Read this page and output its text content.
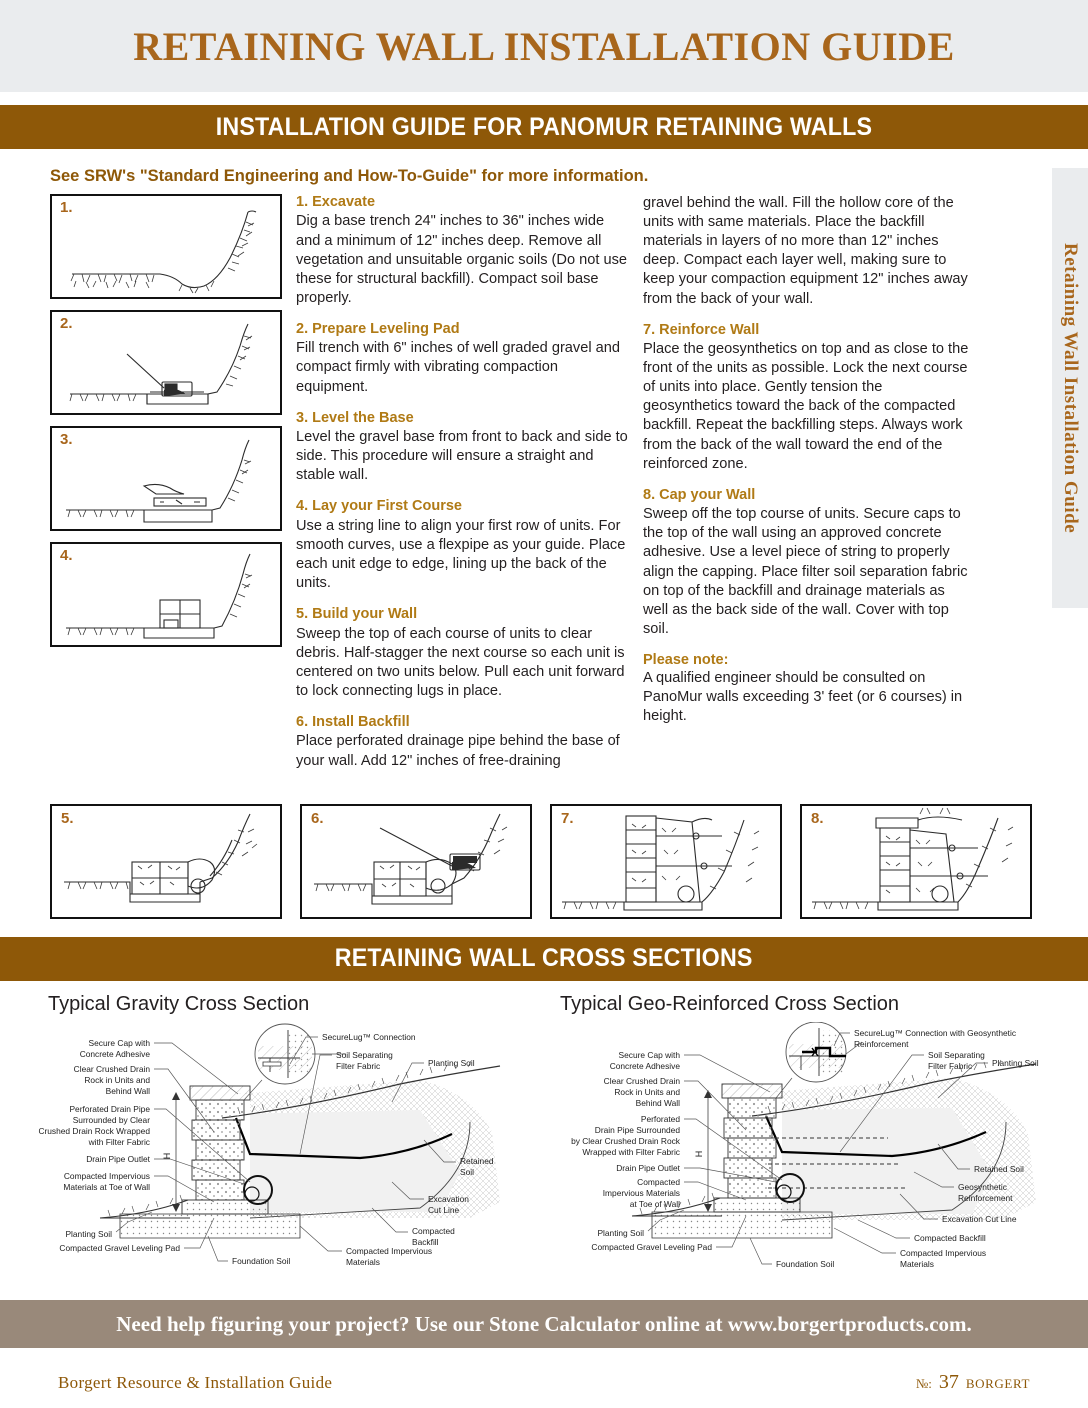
RETAINING WALL INSTALLATION GUIDE
INSTALLATION GUIDE FOR PANOMUR RETAINING WALLS
See SRW's "Standard Engineering and How-To-Guide" for more information.
Retaining Wall Installation Guide
1.
2.
3.
4.
1. Excavate
Dig a base trench 24" inches to 36" inches wide and a minimum of 12" inches deep. Remove all vegetation and unsuitable organic soils (Do not use these for structural backfill). Compact soil base properly.
2. Prepare Leveling Pad
Fill trench with 6" inches of well graded gravel and compact firmly with vibrating compaction equipment.
3. Level the Base
Level the gravel base from front to back and side to side. This procedure will ensure a straight and stable wall.
4. Lay your First Course
Use a string line to align your first row of units. For smooth curves, use a flexpipe as your guide. Place each unit edge to edge, lining up the back of the units.
5. Build your Wall
Sweep the top of each course of units to clear debris. Half-stagger the next course so each unit is centered on two units below. Pull each unit forward to lock connecting lugs in place.
6. Install Backfill
Place perforated drainage pipe behind the base of your wall. Add 12" inches of free-draining
gravel behind the wall. Fill the hollow core of the units with same materials. Place the backfill materials in layers of no more than 12" inches deep. Compact each layer well, making sure to keep your compaction equipment 12" inches away from the back of your wall.
7. Reinforce Wall
Place the geosynthetics on top and as close to the front of the units as possible. Lock the next course of units into place. Gently tension the geosynthetics toward the back of the compacted backfill. Repeat the backfilling steps. Always work from the back of the wall toward the end of the reinforced zone.
8. Cap your Wall
Sweep off the top course of units. Secure caps to the top of the wall using an approved concrete adhesive. Use a level piece of string to properly align the capping. Place filter soil separation fabric on top of the backfill and drainage materials as well as the back side of the wall. Cover with top soil.
Please note:
A qualified engineer should be consulted on PanoMur walls exceeding 3' feet (or 6 courses) in height.
5.	6.	7.	8.
RETAINING WALL CROSS SECTIONS
Typical Gravity Cross Section	Typical Geo-Reinforced Cross Section
H
Secure Cap with
Concrete Adhesive
Clear Crushed Drain
Rock in Units and
Behind Wall
Perforated Drain Pipe
Surrounded by Clear
Crushed Drain Rock Wrapped
with Filter Fabric
Drain Pipe Outlet
Compacted Impervious
Materials at Toe of Wall
Planting Soil
Compacted Gravel Leveling Pad
SecureLug™ Connection
Soil Separating
Filter Fabric	Planting Soil
Retained
Soil
Excavation
Cut Line
Compacted
Backfill
Compacted Impervious
Materials
Foundation Soil
H
Secure Cap with
Concrete Adhesive
Clear Crushed Drain
Rock in Units and
Behind Wall
Perforated
Drain Pipe Surrounded
by Clear Crushed Drain Rock
Wrapped with Filter Fabric
Drain Pipe Outlet
Compacted
Impervious Materials
at Toe of Wall
Planting Soil
Compacted Gravel Leveling Pad
SecureLug™ Connection with Geosynthetic
Reinforcement
Soil Separating
Filter Fabric Planting Soil
Retained Soil
Geosynthetic
Reinforcement
Excavation Cut Line
Compacted Backfill
Compacted Impervious
Materials
Foundation Soil
Need help figuring your project? Use our Stone Calculator online at www.borgertproducts.com.
Borgert Resource & Installation Guide	№: 37 BORGERT
